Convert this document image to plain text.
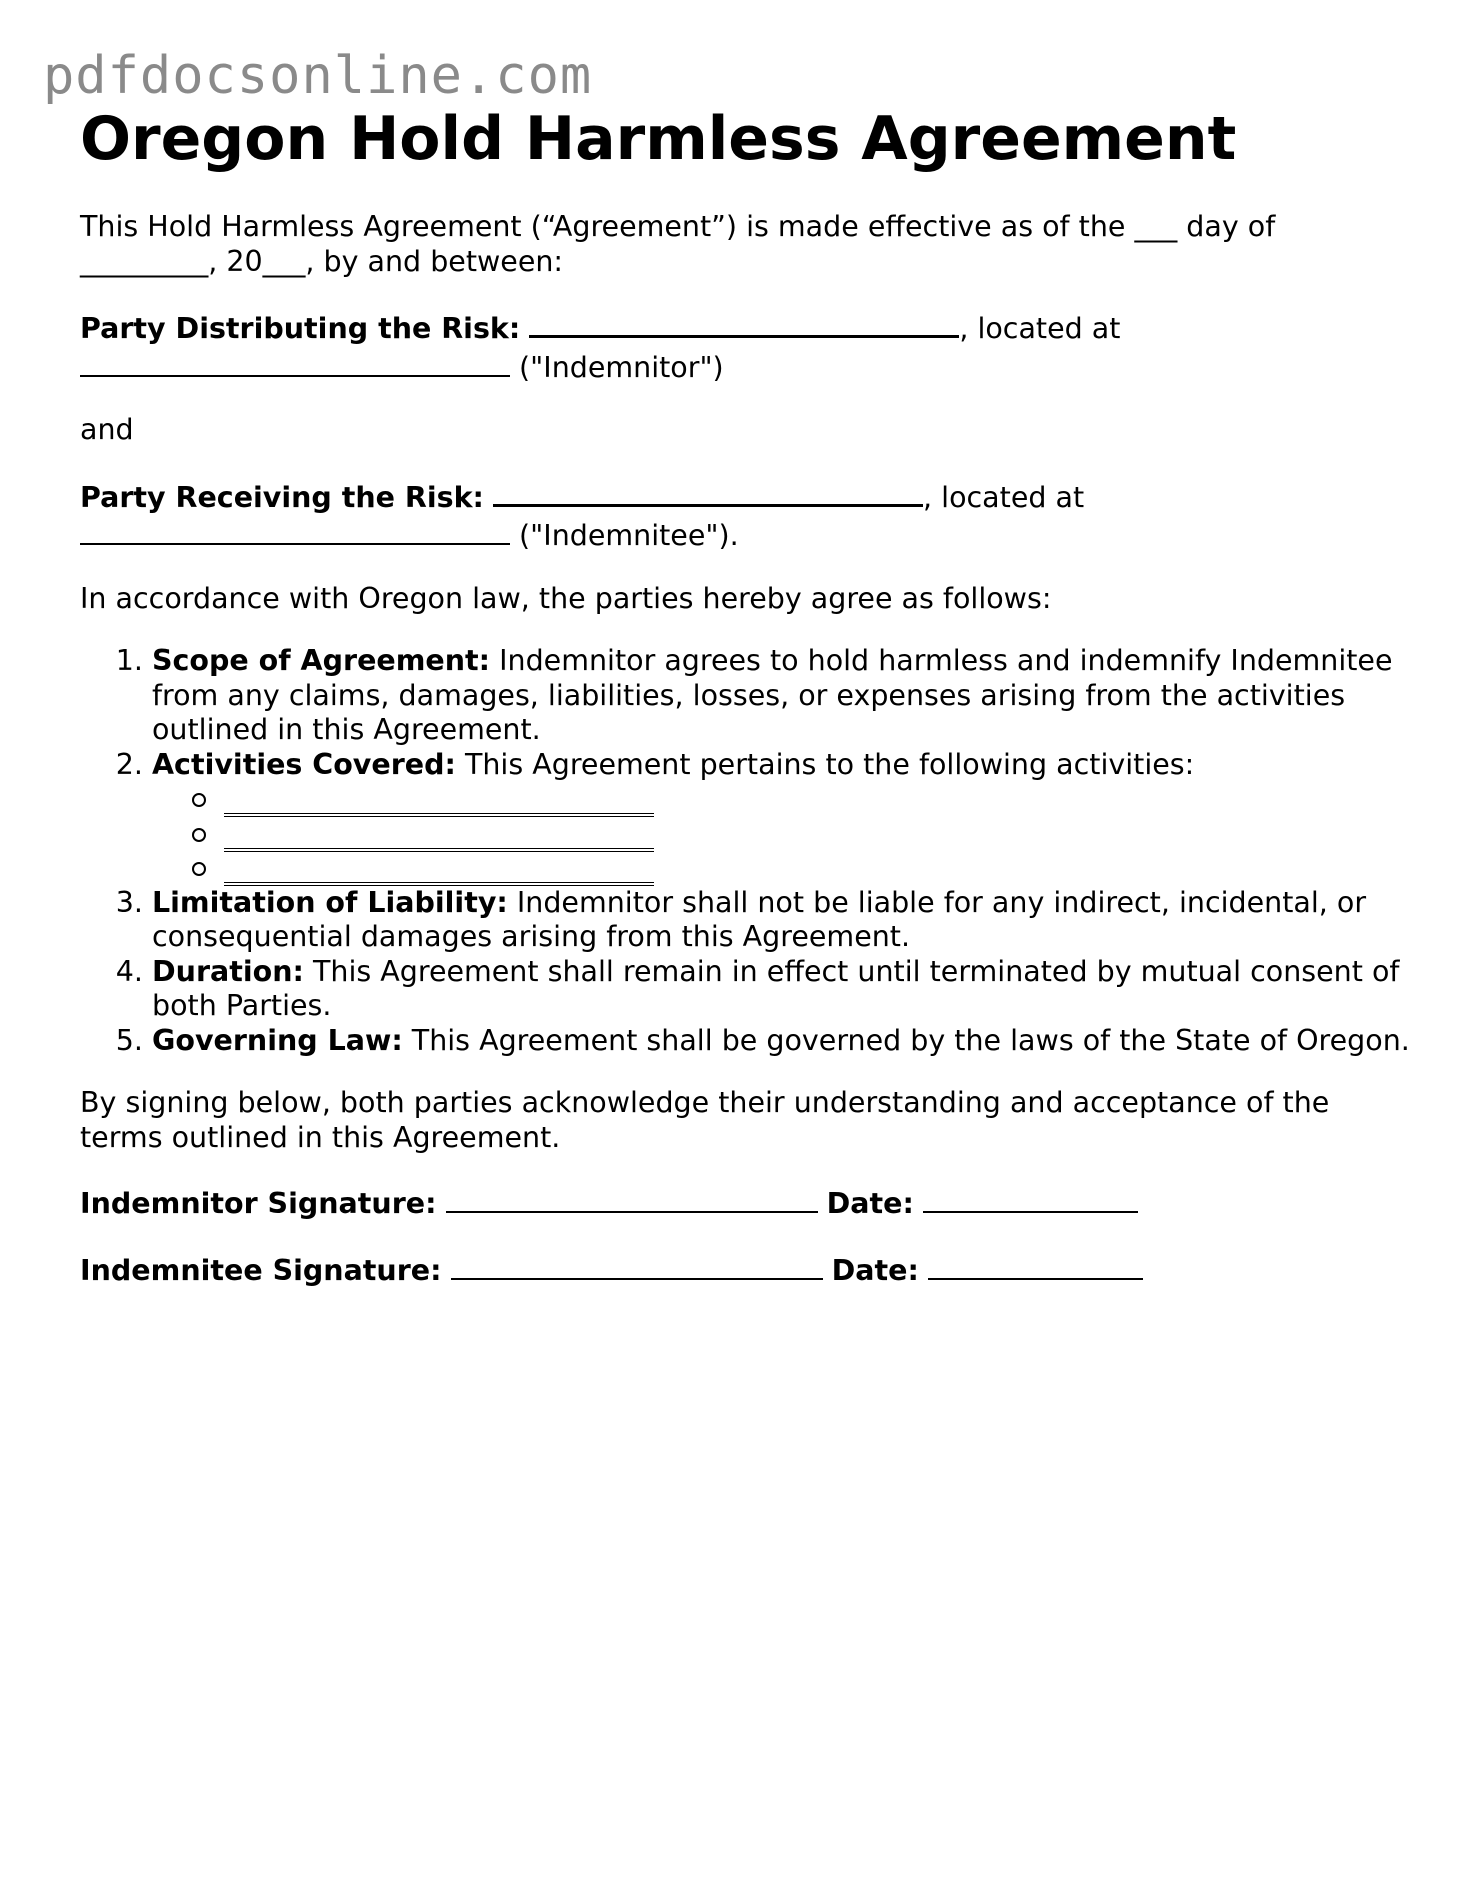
pdfdocsonline.com
Oregon Hold Harmless Agreement

This Hold Harmless Agreement (“Agreement”) is made effective as of the ___ day of
_________, 20___, by and between:

Party Distributing the Risk:	, located at
("Indemnitor")

and

Party Receiving the Risk:	, located at
("Indemnitee").

In accordance with Oregon law, the parties hereby agree as follows:

1. Scope of Agreement: Indemnitor agrees to hold harmless and indemnify Indemnitee from any claims, damages, liabilities, losses, or expenses arising from the activities outlined in this Agreement.
2. Activities Covered: This Agreement pertains to the following activities:
3. Limitation of Liability: Indemnitor shall not be liable for any indirect, incidental, or consequential damages arising from this Agreement.
4. Duration: This Agreement shall remain in effect until terminated by mutual consent of both Parties.
5. Governing Law: This Agreement shall be governed by the laws of the State of Oregon.

By signing below, both parties acknowledge their understanding and acceptance of the terms outlined in this Agreement.

Indemnitor Signature:	Date:

Indemnitee Signature:	Date:
